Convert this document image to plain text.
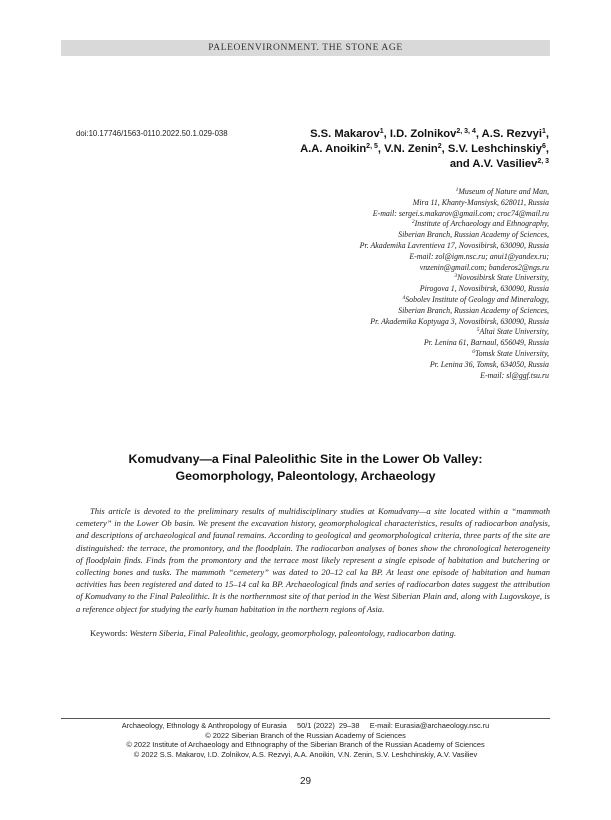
PALEOENVIRONMENT. THE STONE AGE
doi:10.17746/1563-0110.2022.50.1.029-038	S.S. Makarov$^1$, I.D. Zolnikov$^{2, 3, 4}$, A.S. Rezvyi$^1$,
A.A. Anoikin$^{2, 5}$, V.N. Zenin$^2$, S.V. Leshchinskiy$^6$,
and A.V. Vasiliev$^{2, 3}$
$^1$Museum of Nature and Man,
Mira 11, Khanty-Mansiysk, 628011, Russia
E-mail: sergei.s.makarov@gmail.com; croc74@mail.ru
$^2$Institute of Archaeology and Ethnography,
Siberian Branch, Russian Academy of Sciences,
Pr. Akademika Lavrentieva 17, Novosibirsk, 630090, Russia
E-mail: zol@igm.nsc.ru; anui1@yandex.ru;
vnzenin@gmail.com; banderos2@ngs.ru
$^3$Novosibirsk State University,
Pirogova 1, Novosibirsk, 630090, Russia
$^4$Sobolev Institute of Geology and Mineralogy,
Siberian Branch, Russian Academy of Sciences,
Pr. Akademika Koptyuga 3, Novosibirsk, 630090, Russia
$^5$Altai State University,
Pr. Lenina 61, Barnaul, 656049, Russia
$^6$Tomsk State University,
Pr. Lenina 36, Tomsk, 634050, Russia
E-mail: sl@ggf.tsu.ru
Komudvany—a Final Paleolithic Site in the Lower Ob Valley:
Geomorphology, Paleontology, Archaeology

This article is devoted to the preliminary results of multidisciplinary studies at Komudvany—a site located within a “mammoth cemetery” in the Lower Ob basin. We present the excavation history, geomorphological characteristics, results of radiocarbon analysis, and descriptions of archaeological and faunal remains. According to geological and geomorphological criteria, three parts of the site are distinguished: the terrace, the promontory, and the floodplain. The radiocarbon analyses of bones show the chronological heterogeneity of floodplain finds. Finds from the promontory and the terrace most likely represent a single episode of habitation and butchering or collecting bones and tusks. The mammoth “cemetery” was dated to 20–12 cal ka BP. At least one episode of habitation and human activities has been registered and dated to 15–14 cal ka BP. Archaeological finds and series of radiocarbon dates suggest the attribution of Komudvany to the Final Paleolithic. It is the northernmost site of that period in the West Siberian Plain and, along with Lugovskoye, is a reference object for studying the early human habitation in the northern regions of Asia.

Keywords: Western Siberia, Final Paleolithic, geology, geomorphology, paleontology, radiocarbon dating.
Archaeology, Ethnology & Anthropology of Eurasia     50/1 (2022)  29–38     E-mail: Eurasia@archaeology.nsc.ru
© 2022 Siberian Branch of the Russian Academy of Sciences
© 2022 Institute of Archaeology and Ethnography of the Siberian Branch of the Russian Academy of Sciences
© 2022 S.S. Makarov, I.D. Zolnikov, A.S. Rezvyi, A.A. Anoikin, V.N. Zenin, S.V. Leshchinskiy, A.V. Vasiliev
29
